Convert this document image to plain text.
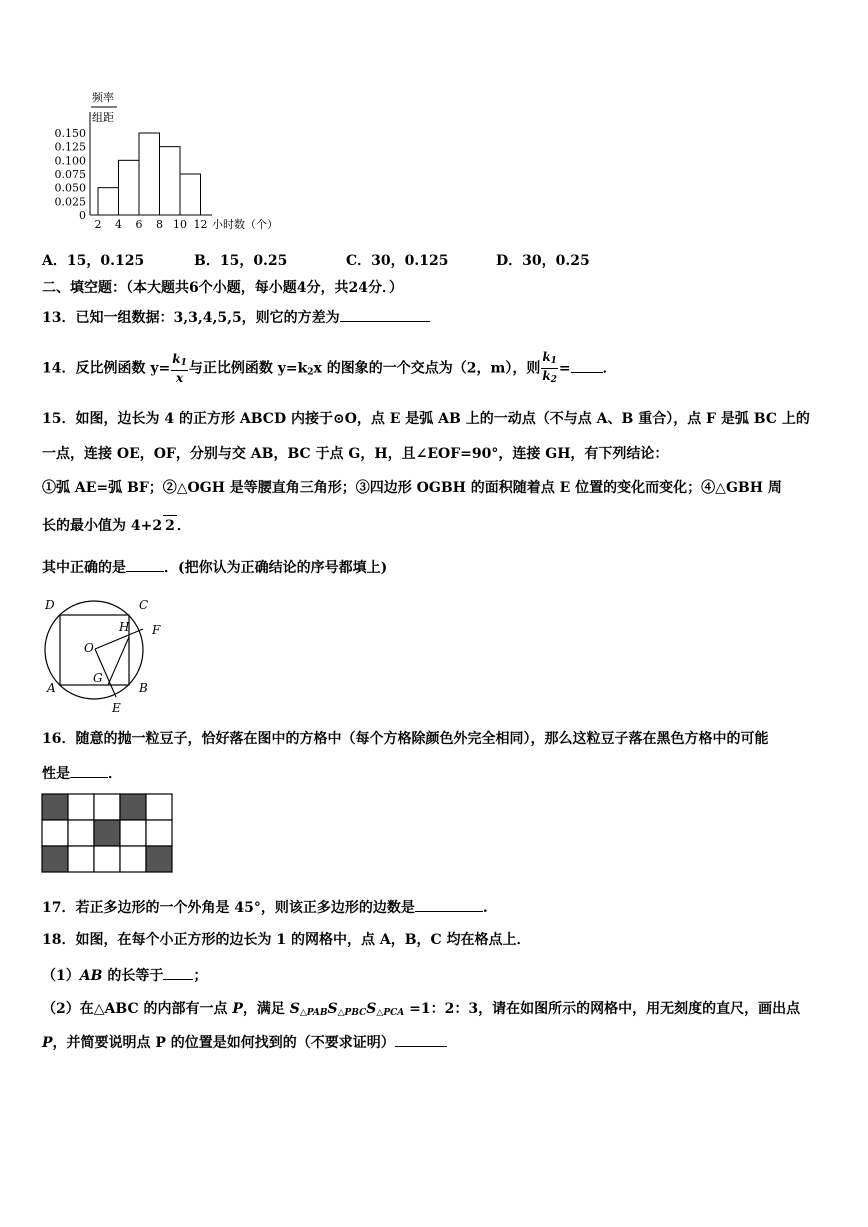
频率
组距
0.150
0.125
0.100
0.075
0.050
0.025
0
2 4 6 8 10 12 小时数（个）
A．15，0.125	B．15，0.25	C．30，0.125	D．30，0.25
二、填空题：（本大题共6个小题，每小题4分，共24分．）
13．已知一组数据：3,3,4,5,5，则它的方差为
14．反比例函数 $y= \frac{k1}{x}$ 与正比例函数 y=k2x 的图象的一个交点为（2，m），则 $\frac{k1}{k2}$ = ．
15．如图，边长为 4 的正方形 ABCD 内接于⊙O，点 E 是弧 AB 上的一动点（不与点 A、B 重合），点 F 是弧 BC 上的
一点，连接 OE，OF，分别与交 AB，BC 于点 G，H，且∠EOF=90°，连接 GH，有下列结论：
①弧 AE=弧 BF；②△OGH 是等腰直角三角形；③四边形 OGBH 的面积随着点 E 位置的变化而变化；④△GBH 周
长的最小值为 4+2 2 ．
其中正确的是	．(把你认为正确结论的序号都填上)
D	C
H F
O
G
A	B
E
16．随意的抛一粒豆子，恰好落在图中的方格中（每个方格除颜色外完全相同），那么这粒豆子落在黑色方格中的可能
性是	．
17．若正多边形的一个外角是 45°，则该正多边形的边数是	.
18．如图，在每个小正方形的边长为 1 的网格中，点 A，B，C 均在格点上．
（1）AB 的长等于 ；
（2）在△ABC 的内部有一点 P，满足 S△PABS△PBCS△PCA =1：2：3，请在如图所示的网格中，用无刻度的直尺，画出点
P，并简要说明点 P 的位置是如何找到的（不要求证明）
